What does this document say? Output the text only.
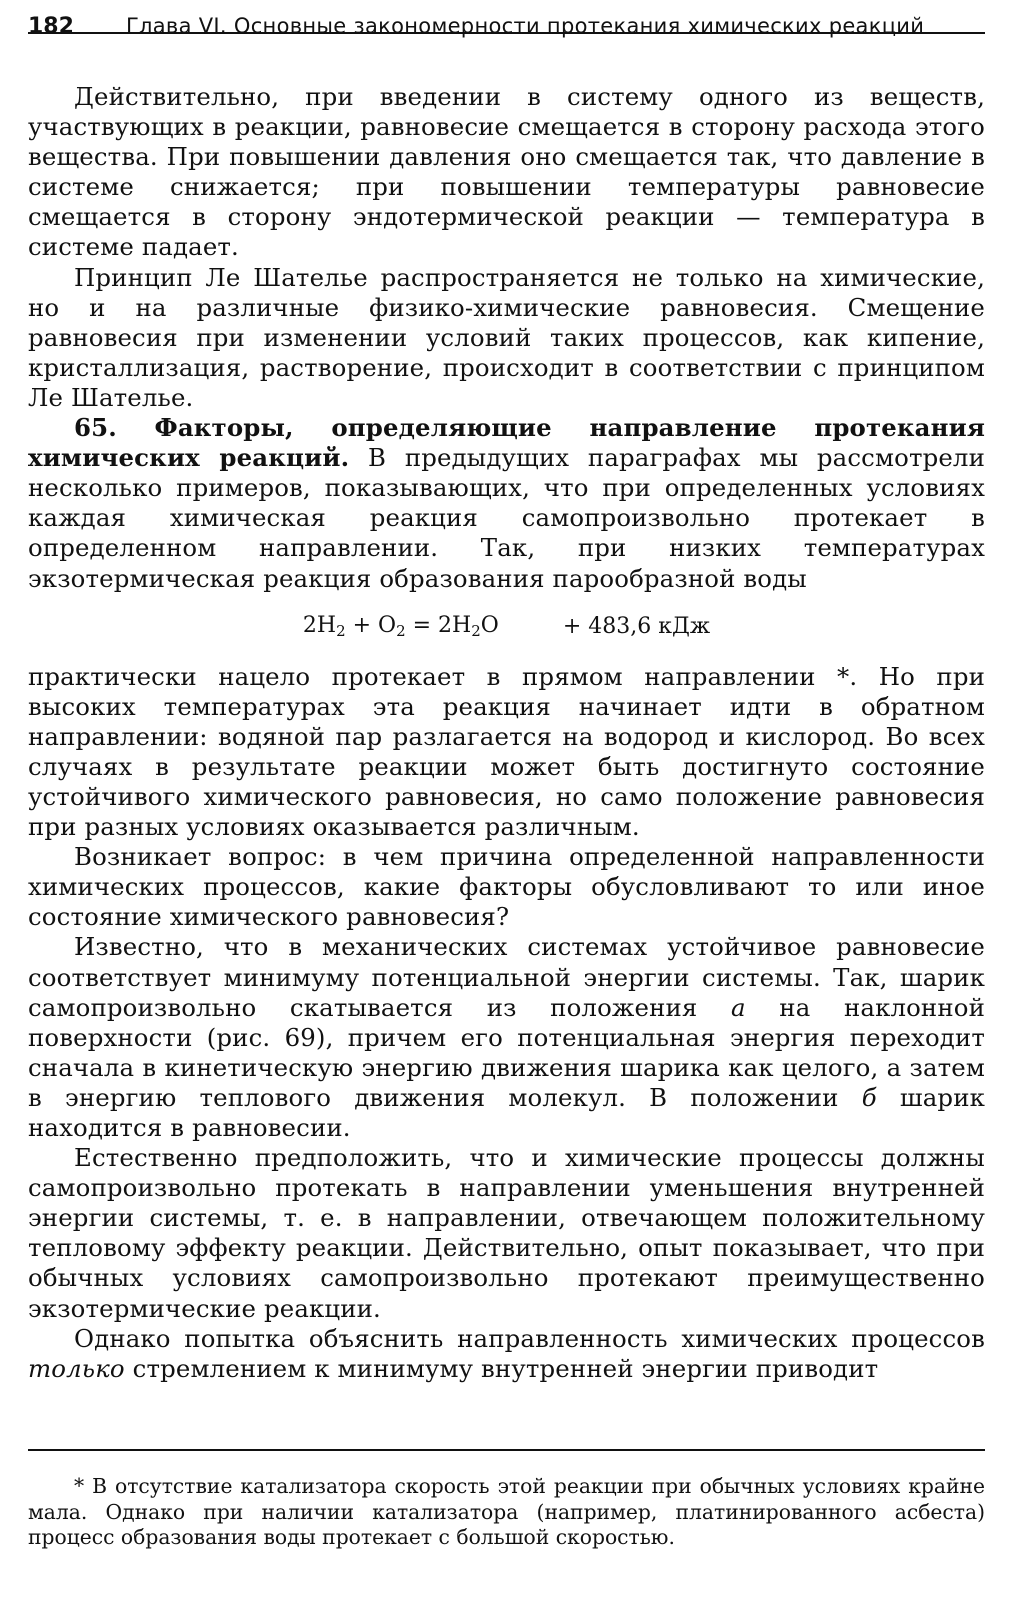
182 Глава VI. Основные закономерности протекания химических реакций

Действительно, при введении в систему одного из веществ, участвующих в реакции, равновесие смещается в сторону расхода этого вещества. При повышении давления оно смещается так, что давление в системе снижается; при повышении температуры равновесие смещается в сторону эндотермической реакции — температура в системе падает.

Принцип Ле Шателье распространяется не только на химические, но и на различные физико-химические равновесия. Смещение равновесия при изменении условий таких процессов, как кипение, кристаллизация, растворение, происходит в соответствии с принципом Ле Шателье.

65. Факторы, определяющие направление протекания химических реакций. В предыдущих параграфах мы рассмотрели несколько примеров, показывающих, что при определенных условиях каждая химическая реакция самопроизвольно протекает в определенном направлении. Так, при низких температурах экзотермическая реакция образования парообразной воды

$2H_2 + O_2 = 2H_2O$	+ 483,6 кДж

практически нацело протекает в прямом направлении *. Но при высоких температурах эта реакция начинает идти в обратном направлении: водяной пар разлагается на водород и кислород. Во всех случаях в результате реакции может быть достигнуто состояние устойчивого химического равновесия, но само положение равновесия при разных условиях оказывается различным.

Возникает вопрос: в чем причина определенной направленности химических процессов, какие факторы обусловливают то или иное состояние химического равновесия?

Известно, что в механических системах устойчивое равновесие соответствует минимуму потенциальной энергии системы. Так, шарик самопроизвольно скатывается из положения а на наклонной поверхности (рис. 69), причем его потенциальная энергия переходит сначала в кинетическую энергию движения шарика как целого, а затем в энергию теплового движения молекул. В положении б шарик находится в равновесии.

Естественно предположить, что и химические процессы должны самопроизвольно протекать в направлении уменьшения внутренней энергии системы, т. е. в направлении, отвечающем положительному тепловому эффекту реакции. Действительно, опыт показывает, что при обычных условиях самопроизвольно протекают преимущественно экзотермические реакции.

Однако попытка объяснить направленность химических процессов только стремлением к минимуму внутренней энергии приводит

* В отсутствие катализатора скорость этой реакции при обычных условиях крайне мала. Однако при наличии катализатора (например, платинированного асбеста) процесс образования воды протекает с большой скоростью.
